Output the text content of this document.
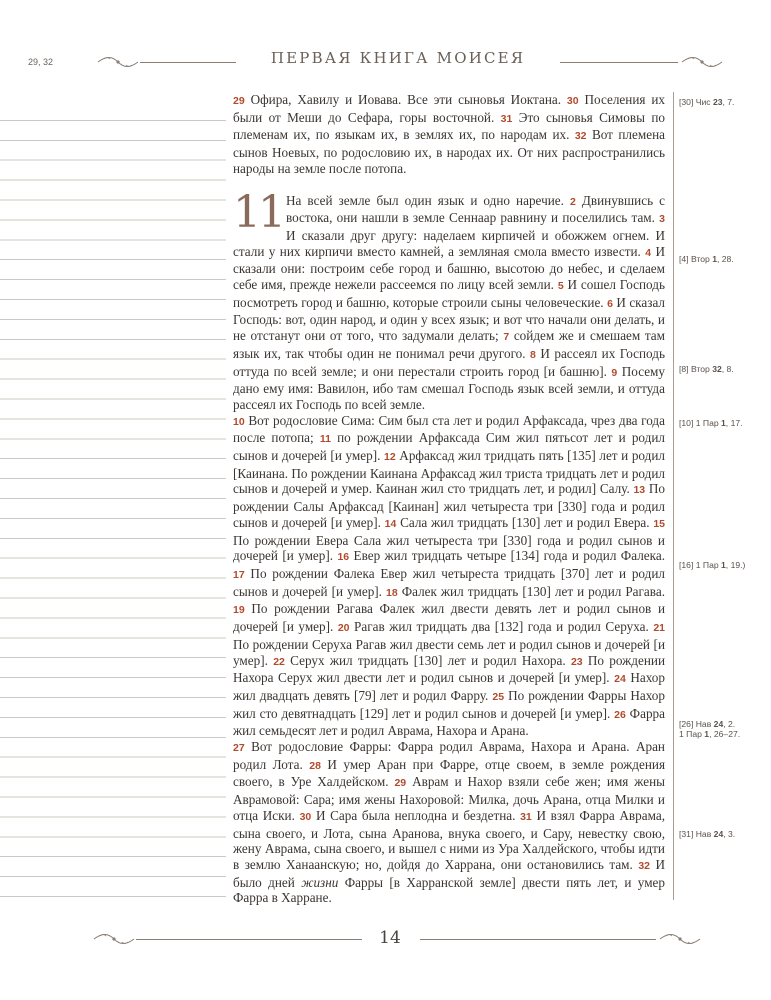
29, 32	ПЕРВАЯ КНИГА МОИСЕЯ

29 Офира, Хавилу и Иовава. Все эти сыновья Иоктана. 30 Поселения их были от Меши до Сефара, горы восточной. 31 Это сыновья Симовы по племенам их, по языкам их, в землях их, по народам их. 32 Вот племена сынов Ноевых, по родословию их, в народах их. От них распространились народы на земле после потопа.

11 На всей земле был один язык и одно наречие. 2 Двинувшись с востока, они нашли в земле Сеннаар равнину и поселились там. 3 И сказали друг другу: наделаем кирпичей и обожжем огнем. И стали у них кирпичи вместо камней, а земляная смола вместо извести. 4 И сказали они: построим себе город и башню, высотою до небес, и сделаем себе имя, прежде нежели рассеемся по лицу всей земли. 5 И сошел Господь посмотреть город и башню, которые строили сыны человеческие. 6 И сказал Господь: вот, один народ, и один у всех язык; и вот что начали они делать, и не отстанут они от того, что задумали делать; 7 сойдем же и смешаем там язык их, так чтобы один не понимал речи другого. 8 И рассеял их Господь оттуда по всей земле; и они перестали строить город [и башню]. 9 Посему дано ему имя: Вавилон, ибо там смешал Господь язык всей земли, и оттуда рассеял их Господь по всей земле.

10 Вот родословие Сима: Сим был ста лет и родил Арфаксада, чрез два года после потопа; 11 по рождении Арфаксада Сим жил пятьсот лет и родил сынов и дочерей [и умер]. 12 Арфаксад жил тридцать пять [135] лет и родил [Каинана. По рождении Каинана Арфаксад жил триста тридцать лет и родил сынов и дочерей и умер. Каинан жил сто тридцать лет, и родил] Салу. 13 По рождении Салы Арфаксад [Каинан] жил четыреста три [330] года и родил сынов и дочерей [и умер]. 14 Сала жил тридцать [130] лет и родил Евера. 15 По рождении Евера Сала жил четыреста три [330] года и родил сынов и дочерей [и умер]. 16 Евер жил тридцать четыре [134] года и родил Фалека. 17 По рождении Фалека Евер жил четыреста тридцать [370] лет и родил сынов и дочерей [и умер]. 18 Фалек жил тридцать [130] лет и родил Рагава. 19 По рождении Рагава Фалек жил двести девять лет и родил сынов и дочерей [и умер]. 20 Рагав жил тридцать два [132] года и родил Серуха. 21 По рождении Серуха Рагав жил двести семь лет и родил сынов и дочерей [и умер]. 22 Серух жил тридцать [130] лет и родил Нахора. 23 По рождении Нахора Серух жил двести лет и родил сынов и дочерей [и умер]. 24 Нахор жил двадцать девять [79] лет и родил Фарру. 25 По рождении Фарры Нахор жил сто девятнадцать [129] лет и родил сынов и дочерей [и умер]. 26 Фарра жил семьдесят лет и родил Аврама, Нахора и Арана.

27 Вот родословие Фарры: Фарра родил Аврама, Нахора и Арана. Аран родил Лота. 28 И умер Аран при Фарре, отце своем, в земле рождения своего, в Уре Халдейском. 29 Аврам и Нахор взяли себе жен; имя жены Аврамовой: Сара; имя жены Нахоровой: Милка, дочь Арана, отца Милки и отца Иски. 30 И Сара была неплодна и бездетна. 31 И взял Фарра Аврама, сына своего, и Лота, сына Аранова, внука своего, и Сару, невестку свою, жену Аврама, сына своего, и вышел с ними из Ура Халдейского, чтобы идти в землю Ханаанскую; но, дойдя до Харрана, они остановились там. 32 И было дней жизни Фарры [в Харранской земле] двести пять лет, и умер Фарра в Харране.

[30] Чис 23, 7.
[4] Втор 1, 28.
[8] Втор 32, 8.
[10] 1 Пар 1, 17.
[16] 1 Пар 1, 19.)
[26] Нав 24, 2.
1 Пар 1, 26–27.
[31] Нав 24, 3.
14
